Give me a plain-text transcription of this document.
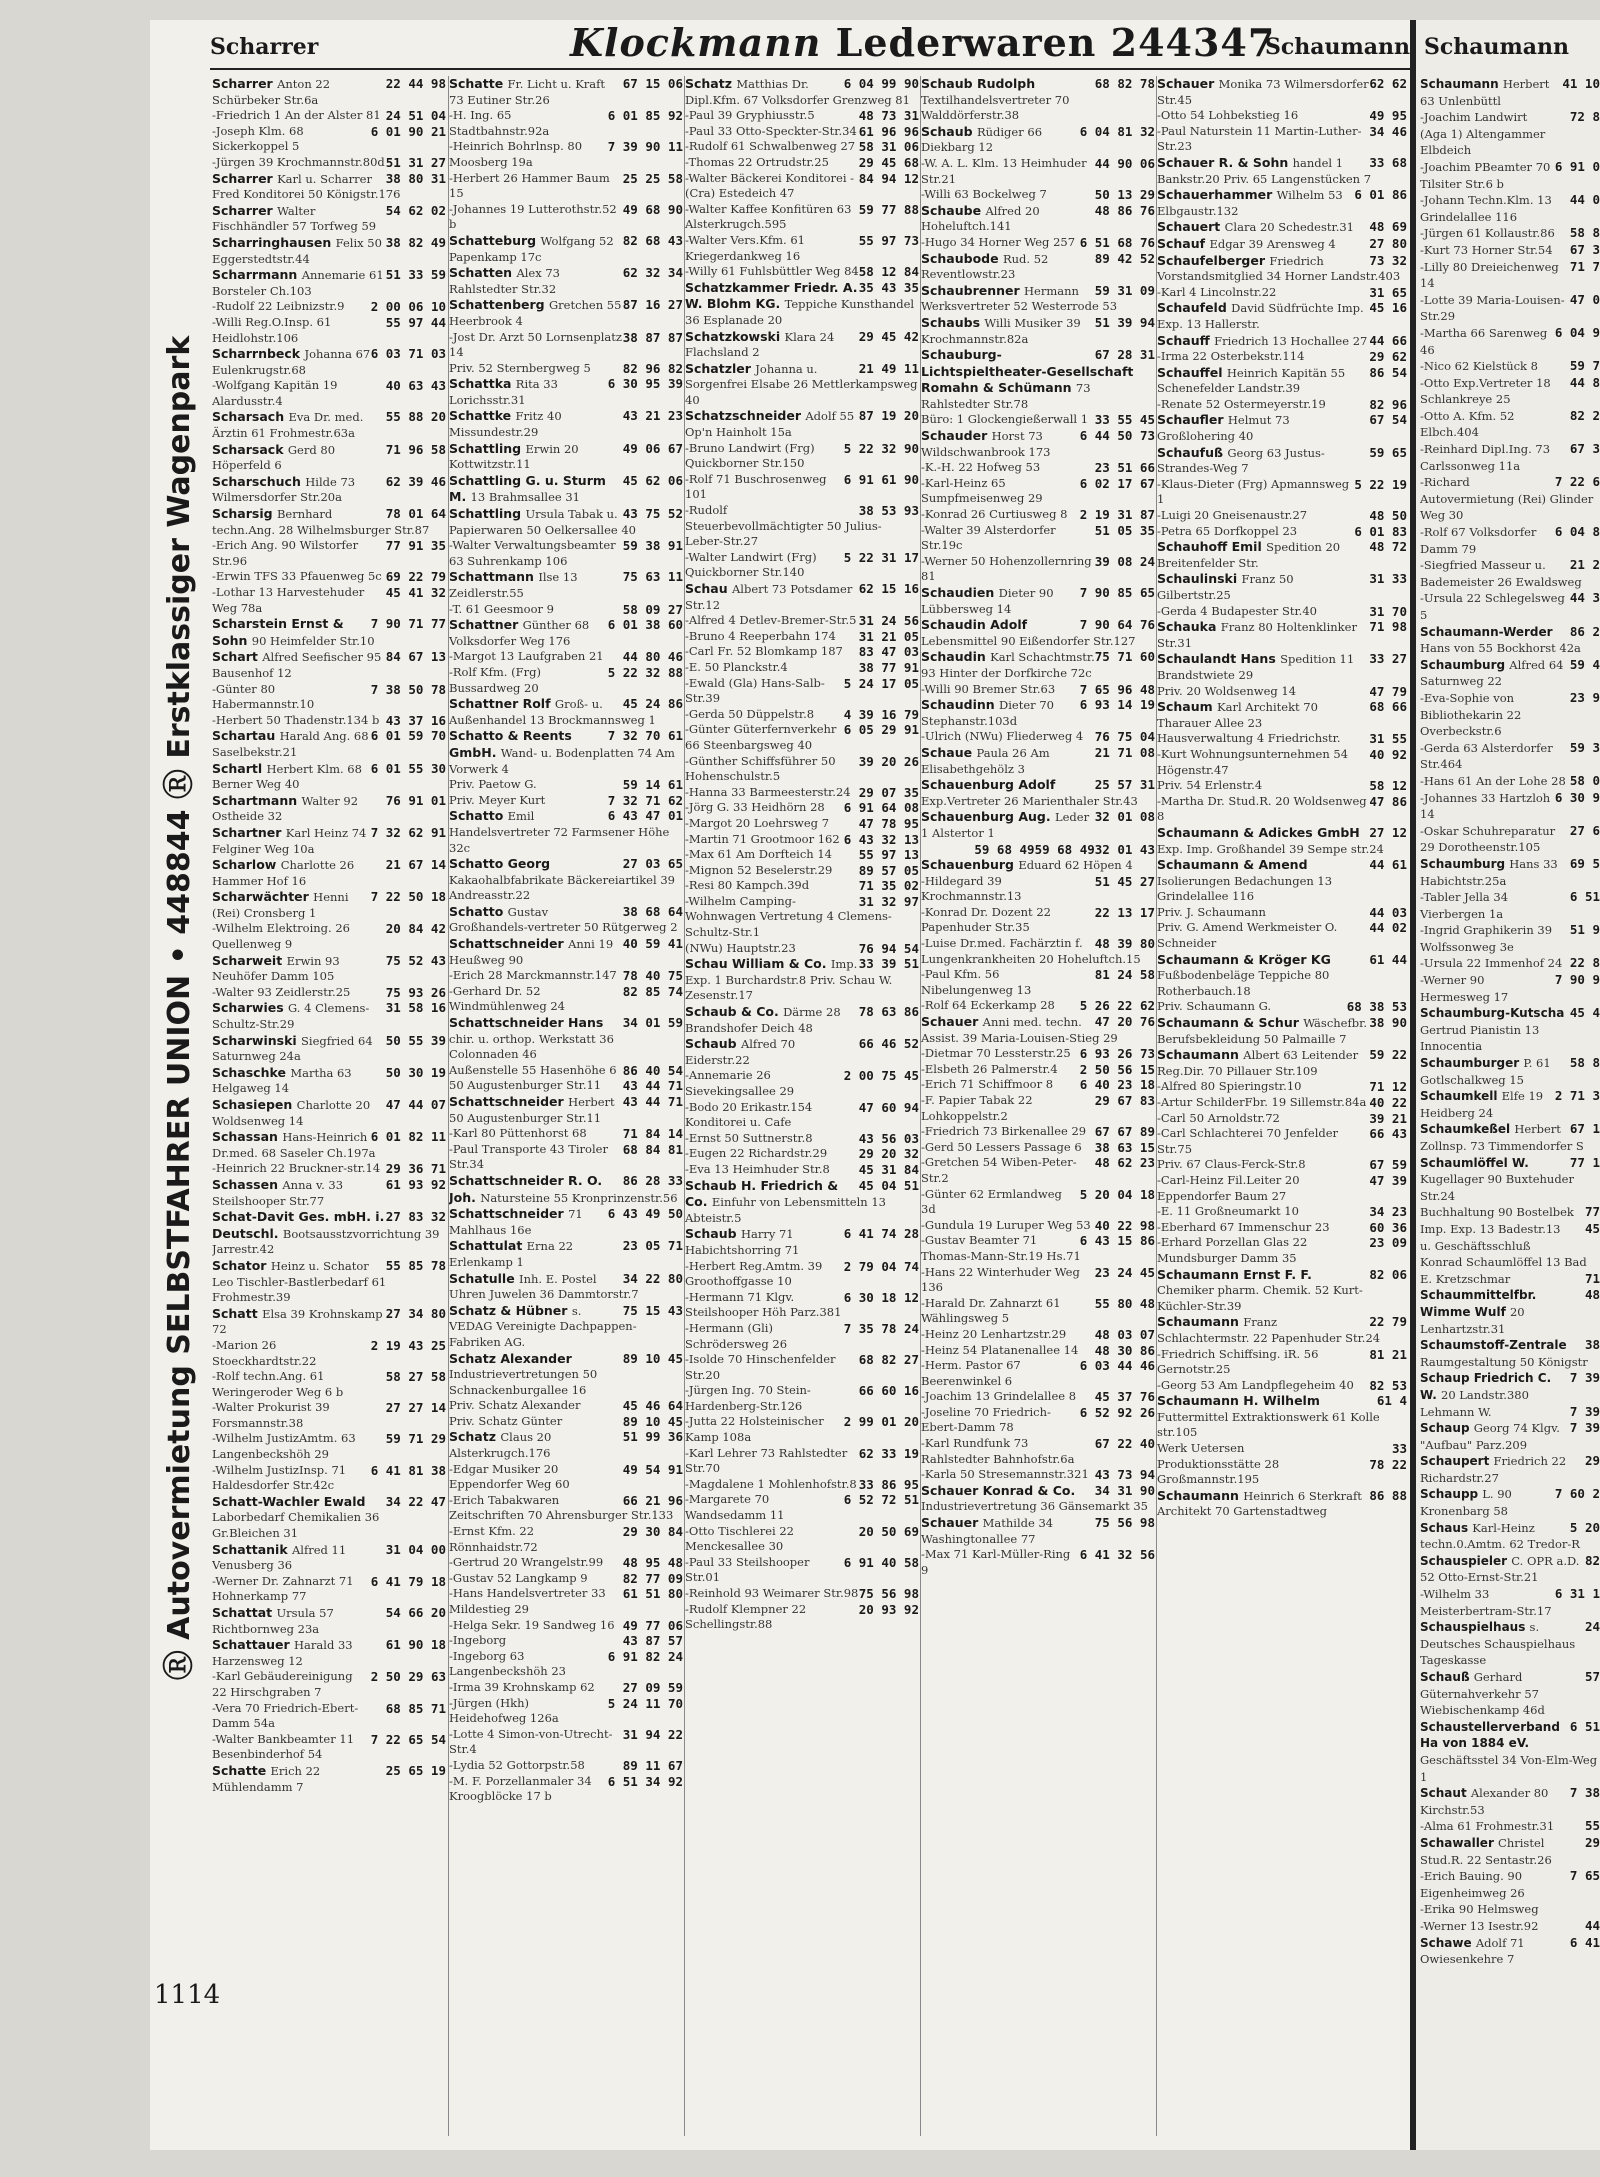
Scharrer	Klockmann Lederwaren 244347
Schaumann
Ⓡ Autovermietung SELBSTFAHRER UNION • 448844 Ⓡ Erstklassiger Wagenpark
1114
22 44 98
Scharrer Anton 22 Schürbeker Str.6a
24 51 04
-Friedrich 1 An der Alster 81
6 01 90 21
-Joseph Klm. 68 Sickerkoppel 5
51 31 27
-Jürgen 39 Krochmannstr.80d
38 80 31
Scharrer Karl u. Scharrer Fred Konditorei 50 Königstr.176
54 62 02
Scharrer Walter Fischhändler 57 Torfweg 59
38 82 49
Scharringhausen Felix 50 Eggerstedtstr.44
51 33 59
Scharrmann Annemarie 61 Borsteler Ch.103
2 00 06 10
-Rudolf 22 Leibnizstr.9
55 97 44
-Willi Reg.O.Insp. 61 Heidlohstr.106
6 03 71 03
Scharrnbeck Johanna 67 Eulenkrugstr.68
40 63 43
-Wolfgang Kapitän 19 Alardusstr.4
55 88 20
Scharsach Eva Dr. med. Ärztin 61 Frohmestr.63a
71 96 58
Scharsack Gerd 80 Höperfeld 6
62 39 46
Scharschuch Hilde 73 Wilmersdorfer Str.20a
78 01 64
Scharsig Bernhard techn.Ang. 28 Wilhelmsburger Str.87
77 91 35
-Erich Ang. 90 Wilstorfer Str.96
69 22 79
-Erwin TFS 33 Pfauenweg 5c
45 41 32
-Lothar 13 Harvestehuder Weg 78a
7 90 71 77
Scharstein Ernst & Sohn 90 Heimfelder Str.10
84 67 13
Schart Alfred Seefischer 95 Bausenhof 12
7 38 50 78
-Günter 80 Habermannstr.10
43 37 16
-Herbert 50 Thadenstr.134 b
6 01 59 70
Schartau Harald Ang. 68 Saselbekstr.21
6 01 55 30
Schartl Herbert Klm. 68 Berner Weg 40
76 91 01
Schartmann Walter 92 Ostheide 32
7 32 62 91
Schartner Karl Heinz 74 Felginer Weg 10a
21 67 14
Scharlow Charlotte 26 Hammer Hof 16
7 22 50 18
Scharwächter Henni (Rei) Cronsberg 1
20 84 42
-Wilhelm Elektroing. 26 Quellenweg 9
75 52 43
Scharweit Erwin 93 Neuhöfer Damm 105
75 93 26
-Walter 93 Zeidlerstr.25
31 58 16
Scharwies G. 4 Clemens-Schultz-Str.29
50 55 39
Scharwinski Siegfried 64 Saturnweg 24a
50 30 19
Schaschke Martha 63 Helgaweg 14
47 44 07
Schasiepen Charlotte 20 Woldsenweg 14
6 01 82 11
Schassan Hans-Heinrich Dr.med. 68 Saseler Ch.197a
29 36 71
-Heinrich 22 Bruckner-str.14
61 93 92
Schassen Anna v. 33 Steilshooper Str.77
27 83 32
Schat-Davit Ges. mbH. i. Deutschl. Bootsausstzvorrichtung 39 Jarrestr.42
55 85 78
Schator Heinz u. Schator Leo Tischler-Bastlerbedarf 61 Frohmestr.39
27 34 80
Schatt Elsa 39 Krohnskamp 72
2 19 43 25
-Marion 26 Stoeckhardtstr.22
58 27 58
-Rolf techn.Ang. 61 Weringeroder Weg 6 b
27 27 14
-Walter Prokurist 39 Forsmannstr.38
59 71 29
-Wilhelm JustizAmtm. 63 Langenbeckshöh 29
6 41 81 38
-Wilhelm JustizInsp. 71 Haldesdorfer Str.42c
34 22 47
Schatt-Wachler Ewald Laborbedarf Chemikalien 36 Gr.Bleichen 31
31 04 00
Schattanik Alfred 11 Venusberg 36
6 41 79 18
-Werner Dr. Zahnarzt 71 Hohnerkamp 77
54 66 20
Schattat Ursula 57 Richtbornweg 23a
61 90 18
Schattauer Harald 33 Harzensweg 12
2 50 29 63
-Karl Gebäudereinigung 22 Hirschgraben 7
68 85 71
-Vera 70 Friedrich-Ebert-Damm 54a
7 22 65 54
-Walter Bankbeamter 11 Besenbinderhof 54
25 65 19
Schatte Erich 22 Mühlendamm 7
67 15 06
Schatte Fr. Licht u. Kraft 73 Eutiner Str.26
6 01 85 92
-H. Ing. 65 Stadtbahnstr.92a
7 39 90 11
-Heinrich Bohrlnsp. 80 Moosberg 19a
25 25 58
-Herbert 26 Hammer Baum 15
49 68 90
-Johannes 19 Lutterothstr.52 b
82 68 43
Schatteburg Wolfgang 52 Papenkamp 17c
62 32 34
Schatten Alex 73 Rahlstedter Str.32
87 16 27
Schattenberg Gretchen 55 Heerbrook 4
38 87 87
-Jost Dr. Arzt 50 Lornsenplatz 14
82 96 82
Priv. 52 Sternbergweg 5
6 30 95 39
Schattka Rita 33 Lorichsstr.31
43 21 23
Schattke Fritz 40 Missundestr.29
49 06 67
Schattling Erwin 20 Kottwitzstr.11
45 62 06
Schattling G. u. Sturm M. 13 Brahmsallee 31
43 75 52
Schattling Ursula Tabak u. Papierwaren 50 Oelkersallee 40
59 38 91
-Walter Verwaltungsbeamter 63 Suhrenkamp 106
75 63 11
Schattmann Ilse 13 Zeidlerstr.55
58 09 27
-T. 61 Geesmoor 9
6 01 38 60
Schattner Günther 68 Volksdorfer Weg 176
44 80 46
-Margot 13 Laufgraben 21
5 22 32 88
-Rolf Kfm. (Frg) Bussardweg 20
45 24 86
Schattner Rolf Groß- u. Außenhandel 13 Brockmannsweg 1
7 32 70 61
Schatto & Reents GmbH. Wand- u. Bodenplatten 74 Am Vorwerk 4
59 14 61
Priv. Paetow G.
7 32 71 62
Priv. Meyer Kurt
6 43 47 01
Schatto Emil Handelsvertreter 72 Farmsener Höhe 32c
27 03 65
Schatto Georg Kakaohalbfabrikate Bäckereiartikel 39 Andreasstr.22
38 68 64
Schatto Gustav Großhandels-vertreter 50 Rütgerweg 2
40 59 41
Schattschneider Anni 19 Heußweg 90
78 40 75
-Erich 28 Marckmannstr.147
82 85 74
-Gerhard Dr. 52 Windmühlenweg 24
34 01 59
Schattschneider Hans chir. u. orthop. Werkstatt 36 Colonnaden 46
86 40 54
Außenstelle 55 Hasenhöhe 6
43 44 71
50 Augustenburger Str.11
43 44 71
Schattschneider Herbert 50 Augustenburger Str.11
71 84 14
-Karl 80 Püttenhorst 68
68 84 81
-Paul Transporte 43 Tiroler Str.34
86 28 33
Schattschneider R. O. Joh. Natursteine 55 Kronprinzenstr.56
6 43 49 50
Schattschneider 71 Mahlhaus 16e
23 05 71
Schattulat Erna 22 Erlenkamp 1
34 22 80
Schatulle Inh. E. Postel Uhren Juwelen 36 Dammtorstr.7
75 15 43
Schatz & Hübner s. VEDAG Vereinigte Dachpappen-Fabriken AG.
89 10 45
Schatz Alexander Industrievertretungen 50 Schnackenburgallee 16
45 46 64
Priv. Schatz Alexander
89 10 45
Priv. Schatz Günter
51 99 36
Schatz Claus 20 Alsterkrugch.176
49 54 91
-Edgar Musiker 20 Eppendorfer Weg 60
66 21 96
-Erich Tabakwaren Zeitschriften 70 Ahrensburger Str.133
29 30 84
-Ernst Kfm. 22 Rönnhaidstr.72
48 95 48
-Gertrud 20 Wrangelstr.99
82 77 09
-Gustav 52 Langkamp 9
61 51 80
-Hans Handelsvertreter 33 Mildestieg 29
49 77 06
-Helga Sekr. 19 Sandweg 16
43 87 57
-Ingeborg
6 91 82 24
-Ingeborg 63 Langenbeckshöh 23
27 09 59
-Irma 39 Krohnskamp 62
5 24 11 70
-Jürgen (Hkh) Heidehofweg 126a
31 94 22
-Lotte 4 Simon-von-Utrecht-Str.4
89 11 67
-Lydia 52 Gottorpstr.58
6 51 34 92
-M. F. Porzellanmaler 34 Kroogblöcke 17 b
6 04 99 90
Schatz Matthias Dr. Dipl.Kfm. 67 Volksdorfer Grenzweg 81
48 73 31
-Paul 39 Gryphiusstr.5
61 96 96
-Paul 33 Otto-Speckter-Str.34
58 31 06
-Rudolf 61 Schwalbenweg 27
29 45 68
-Thomas 22 Ortrudstr.25
84 94 12
-Walter Bäckerei Konditorei -(Cra) Estedeich 47
59 77 88
-Walter Kaffee Konfitüren 63 Alsterkrugch.595
55 97 73
-Walter Vers.Kfm. 61 Kriegerdankweg 16
58 12 84
-Willy 61 Fuhlsbüttler Weg 84
35 43 35
Schatzkammer Friedr. A. W. Blohm KG. Teppiche Kunsthandel 36 Esplanade 20
29 45 42
Schatzkowski Klara 24 Flachsland 2
21 49 11
Schatzler Johanna u. Sorgenfrei Elsabe 26 Mettlerkampsweg 40
87 19 20
Schatzschneider Adolf 55 Op'n Hainholt 15a
5 22 32 90
-Bruno Landwirt (Frg) Quickborner Str.150
6 91 61 90
-Rolf 71 Buschrosenweg 101
38 53 93
-Rudolf Steuerbevollmächtigter 50 Julius-Leber-Str.27
5 22 31 17
-Walter Landwirt (Frg) Quickborner Str.140
62 15 16
Schau Albert 73 Potsdamer Str.12
31 24 56
-Alfred 4 Detlev-Bremer-Str.5
31 21 05
-Bruno 4 Reeperbahn 174
83 47 03
-Carl Fr. 52 Blomkamp 187
38 77 91
-E. 50 Planckstr.4
5 24 17 05
-Ewald (Gla) Hans-Salb-Str.39
4 39 16 79
-Gerda 50 Düppelstr.8
6 05 29 91
-Günter Güterfernverkehr 66 Steenbargsweg 40
39 20 26
-Günther Schiffsführer 50 Hohenschulstr.5
29 07 35
-Hanna 33 Barmeesterstr.24
6 91 64 08
-Jörg G. 33 Heidhörn 28
47 78 95
-Margot 20 Loehrsweg 7
6 43 32 13
-Martin 71 Grootmoor 162
55 97 13
-Max 61 Am Dorfteich 14
89 57 05
-Mignon 52 Beselerstr.29
71 35 02
-Resi 80 Kampch.39d
31 32 97
-Wilhelm Camping-Wohnwagen Vertretung 4 Clemens-Schultz-Str.1
76 94 54
(NWu) Hauptstr.23
33 39 51
Schau William & Co. Imp. Exp. 1 Burchardstr.8 Priv. Schau W. Zesenstr.17
78 63 86
Schaub & Co. Därme 28 Brandshofer Deich 48
66 46 52
Schaub Alfred 70 Eiderstr.22
2 00 75 45
-Annemarie 26 Sievekingsallee 29
47 60 94
-Bodo 20 Erikastr.154 Konditorei u. Cafe
43 56 03
-Ernst 50 Suttnerstr.8
29 20 32
-Eugen 22 Richardstr.29
45 31 84
-Eva 13 Heimhuder Str.8
45 04 51
Schaub H. Friedrich & Co. Einfuhr von Lebensmitteln 13 Abteistr.5
6 41 74 28
Schaub Harry 71 Habichtshorring 71
2 79 04 74
-Herbert Reg.Amtm. 39 Groothoffgasse 10
6 30 18 12
-Hermann 71 Klgv. Steilshooper Höh Parz.381
7 35 78 24
-Hermann (Gli) Schrödersweg 26
68 82 27
-Isolde 70 Hinschenfelder Str.20
66 60 16
-Jürgen Ing. 70 Stein-Hardenberg-Str.126
2 99 01 20
-Jutta 22 Holsteinischer Kamp 108a
62 33 19
-Karl Lehrer 73 Rahlstedter Str.70
33 86 95
-Magdalene 1 Mohlenhofstr.8
6 52 72 51
-Margarete 70 Wandsedamm 11
20 50 69
-Otto Tischlerei 22 Menckesallee 30
6 91 40 58
-Paul 33 Steilshooper Str.01
75 56 98
-Reinhold 93 Weimarer Str.98
20 93 92
-Rudolf Klempner 22 Schellingstr.88
68 82 78
Schaub Rudolph Textilhandelsvertreter 70 Walddörferstr.38
6 04 81 32
Schaub Rüdiger 66 Diekbarg 12
44 90 06
-W. A. L. Klm. 13 Heimhuder Str.21
50 13 29
-Willi 63 Bockelweg 7
48 86 76
Schaube Alfred 20 Hoheluftch.141
6 51 68 76
-Hugo 34 Horner Weg 257
89 42 52
Schaubode Rud. 52 Reventlowstr.23
59 31 09
Schaubrenner Hermann Werksvertreter 52 Westerrode 53
51 39 94
Schaubs Willi Musiker 39 Krochmannstr.82a
67 28 31
Schauburg-Lichtspieltheater-Gesellschaft Romahn & Schümann 73 Rahlstedter Str.78
33 55 45
Büro: 1 Glockengießerwall 1
6 44 50 73
Schauder Horst 73 Wildschwanbrook 173
23 51 66
-K.-H. 22 Hofweg 53
6 02 17 67
-Karl-Heinz 65 Sumpfmeisenweg 29
2 19 31 87
-Konrad 26 Curtiusweg 8
51 05 35
-Walter 39 Alsterdorfer Str.19c
39 08 24
-Werner 50 Hohenzollernring 81
7 90 85 65
Schaudien Dieter 90 Lübbersweg 14
7 90 64 76
Schaudin Adolf Lebensmittel 90 Eißendorfer Str.127
75 71 60
Schaudin Karl Schachtmstr. 93 Hinter der Dorfkirche 72c
7 65 96 48
-Willi 90 Bremer Str.63
6 93 14 19
Schaudinn Dieter 70 Stephanstr.103d
76 75 04
-Ulrich (NWu) Fliederweg 4
21 71 08
Schaue Paula 26 Am Elisabethgehölz 3
25 57 31
Schauenburg Adolf Exp.Vertreter 26 Marienthaler Str.43
32 01 08
Schauenburg Aug. Leder 1 Alstertor 1
32 01 43
59 68 49
59 68 49
Schauenburg Eduard 62 Höpen 4
51 45 27
-Hildegard 39 Krochmannstr.13
22 13 17
-Konrad Dr. Dozent 22 Papenhuder Str.35
48 39 80
-Luise Dr.med. Fachärztin f. Lungenkrankheiten 20 Hoheluftch.15
81 24 58
-Paul Kfm. 56 Nibelungenweg 13
5 26 22 62
-Rolf 64 Eckerkamp 28
47 20 76
Schauer Anni med. techn. Assist. 39 Maria-Louisen-Stieg 29
6 93 26 73
-Dietmar 70 Lessterstr.25
2 50 56 15
-Elsbeth 26 Palmerstr.4
6 40 23 18
-Erich 71 Schiffmoor 8
29 67 83
-F. Papier Tabak 22 Lohkoppelstr.2
67 67 89
-Friedrich 73 Birkenallee 29
38 63 15
-Gerd 50 Lessers Passage 6
48 62 23
-Gretchen 54 Wiben-Peter-Str.2
5 20 04 18
-Günter 62 Ermlandweg 3d
40 22 98
-Gundula 19 Luruper Weg 53
6 43 15 86
-Gustav Beamter 71 Thomas-Mann-Str.19 Hs.71
23 24 45
-Hans 22 Winterhuder Weg 136
55 80 48
-Harald Dr. Zahnarzt 61 Wählingsweg 5
48 03 07
-Heinz 20 Lenhartzstr.29
48 30 86
-Heinz 54 Platanenallee 14
6 03 44 46
-Herm. Pastor 67 Beerenwinkel 6
45 37 76
-Joachim 13 Grindelallee 8
6 52 92 26
-Joseline 70 Friedrich-Ebert-Damm 78
67 22 40
-Karl Rundfunk 73 Rahlstedter Bahnhofstr.6a
43 73 94
-Karla 50 Stresemannstr.321
34 31 90
Schauer Konrad & Co. Industrievertretung 36 Gänsemarkt 35
75 56 98
Schauer Mathilde 34 Washingtonallee 77
6 41 32 56
-Max 71 Karl-Müller-Ring 9
62 62
Schauer Monika 73 Wilmersdorfer Str.45
49 95
-Otto 54 Lohbekstieg 16
34 46
-Paul Naturstein 11 Martin-Luther-Str.23
33 68
Schauer R. & Sohn handel 1 Bankstr.20 Priv. 65 Langenstücken 7
6 01 86
Schauerhammer Wilhelm 53 Elbgaustr.132
48 69
Schauert Clara 20 Schedestr.31
27 80
Schauf Edgar 39 Arensweg 4
73 32
Schaufelberger Friedrich Vorstandsmitglied 34 Horner Landstr.403
31 65
-Karl 4 Lincolnstr.22
45 16
Schaufeld David Südfrüchte Imp. Exp. 13 Hallerstr.
44 66
Schauff Friedrich 13 Hochallee 27
29 62
-Irma 22 Osterbekstr.114
86 54
Schauffel Heinrich Kapitän 55 Schenefelder Landstr.39
82 96
-Renate 52 Ostermeyerstr.19
67 54
Schaufler Helmut 73 Großlohering 40
59 65
Schaufuß Georg 63 Justus-Strandes-Weg 7
5 22 19
-Klaus-Dieter (Frg) Apmannsweg 1
48 50
-Luigi 20 Gneisenaustr.27
6 01 83
-Petra 65 Dorfkoppel 23
48 72
Schauhoff Emil Spedition 20 Breitenfelder Str.
31 33
Schaulinski Franz 50 Gilbertstr.25
31 70
-Gerda 4 Budapester Str.40
71 98
Schauka Franz 80 Holtenklinker Str.31
33 27
Schaulandt Hans Spedition 11 Brandstwiete 29
47 79
Priv. 20 Woldsenweg 14
68 66
Schaum Karl Architekt 70 Tharauer Allee 23
31 55
Hausverwaltung 4 Friedrichstr.
40 92
-Kurt Wohnungsunternehmen 54 Högenstr.47
58 12
Priv. 54 Erlenstr.4
47 86
-Martha Dr. Stud.R. 20 Woldsenweg 8
27 12
Schaumann & Adickes GmbH Exp. Imp. Großhandel 39 Sempe str.24
44 61
Schaumann & Amend Isolierungen Bedachungen 13 Grindelallee 116
44 03
Priv. J. Schaumann
44 02
Priv. G. Amend Werkmeister O. Schneider
61 44
Schaumann & Kröger KG Fußbodenbeläge Teppiche 80 Rotherbauch.18
68 38 53
Priv. Schaumann G.
38 90
Schaumann & Schur Wäschefbr. Berufsbekleidung 50 Palmaille 7
59 22
Schaumann Albert 63 Leitender Reg.Dir. 70 Pillauer Str.109
71 12
-Alfred 80 Spieringstr.10
40 22
-Artur SchilderFbr. 19 Sillemstr.84a
39 21
-Carl 50 Arnoldstr.72
66 43
-Carl Schlachterei 70 Jenfelder Str.75
67 59
Priv. 67 Claus-Ferck-Str.8
47 39
-Carl-Heinz Fil.Leiter 20 Eppendorfer Baum 27
34 23
-E. 11 Großneumarkt 10
60 36
-Eberhard 67 Immenschur 23
23 09
-Erhard Porzellan Glas 22 Mundsburger Damm 35
82 06
Schaumann Ernst F. F. Chemiker pharm. Chemik. 52 Kurt-Küchler-Str.39
22 79
Schaumann Franz Schlachtermstr. 22 Papenhuder Str.24
81 21
-Friedrich Schiffsing. iR. 56 Gernotstr.25
82 53
-Georg 53 Am Landpflegeheim 40
61 4
Schaumann H. Wilhelm Futtermittel Extraktionswerk 61 Kolle str.105
33
Werk Uetersen
78 22
Produktionsstätte 28 Großmannstr.195
86 88
Schaumann Heinrich 6 Sterkraft Architekt 70 Gartenstadtweg
Schaumann
41 10
Schaumann Herbert 63 Unlenbüttl
72 8
-Joachim Landwirt
(Aga 1) Altengammer Elbdeich
6 91 0
-Joachim PBeamter 70 Tilsiter Str.6 b
44 0
-Johann Techn.Klm. 13 Grindelallee 116
58 8
-Jürgen 61 Kollaustr.86
67 3
-Kurt 73 Horner Str.54
71 7
-Lilly 80 Dreieichenweg 14
47 0
-Lotte 39 Maria-Louisen-Str.29
6 04 9
-Martha 66 Sarenweg 46
59 7
-Nico 62 Kielstück 8
44 8
-Otto Exp.Vertreter 18 Schlankreye 25
82 2
-Otto A. Kfm. 52 Elbch.404
67 3
-Reinhard Dipl.Ing. 73 Carlssonweg 11a
7 22 6
-Richard Autovermietung (Rei) Glinder Weg 30
6 04 8
-Rolf 67 Volksdorfer Damm 79
21 2
-Siegfried Masseur u. Bademeister 26 Ewaldsweg
44 3
-Ursula 22 Schlegelsweg 5
86 2
Schaumann-Werder Hans von 55 Bockhorst 42a
59 4
Schaumburg Alfred 64 Saturnweg 22
23 9
-Eva-Sophie von Bibliothekarin 22 Overbeckstr.6
59 3
-Gerda 63 Alsterdorfer Str.464
58 0
-Hans 61 An der Lohe 28
6 30 9
-Johannes 33 Hartzloh 14
27 6
-Oskar Schuhreparatur 29 Dorotheenstr.105
69 5
Schaumburg Hans 33 Habichtstr.25a
6 51
-Tabler Jella 34 Vierbergen 1a
51 9
-Ingrid Graphikerin 39 Wolfssonweg 3e
22 8
-Ursula 22 Immenhof 24
7 90 9
-Werner 90 Hermesweg 17
45 4
Schaumburg-Kutscha Gertrud Pianistin 13 Innocentia
58 8
Schaumburger P. 61 Gotlschalkweg 15
2 71 3
Schaumkell Elfe 19 Heidberg 24
67 1
Schaumkeßel Herbert Zollnsp. 73 Timmendorfer S
77 1
Schaumlöffel W. Kugellager 90 Buxtehuder Str.24
77
Buchhaltung 90 Bostelbek
45
Imp. Exp. 13 Badestr.13
u. Geschäftsschluß
Konrad Schaumlöffel 13 Bad
71
E. Kretzschmar
48
Schaummittelfbr. Wimme Wulf 20 Lenhartzstr.31
38
Schaumstoff-Zentrale Raumgestaltung 50 Königstr
7 39
Schaup Friedrich C. W. 20 Landstr.380
7 39
Lehmann W.
7 39
Schaup Georg 74 Klgv. "Aufbau" Parz.209
29
Schaupert Friedrich 22 Richardstr.27
7 60 2
Schaupp L. 90 Kronenbarg 58
5 20
Schaus Karl-Heinz techn.0.Amtm. 62 Tredor-R
82
Schauspieler C. OPR a.D. 52 Otto-Ernst-Str.21
6 31 1
-Wilhelm 33 Meisterbertram-Str.17
24
Schauspielhaus s. Deutsches Schauspielhaus Tageskasse
57
Schauß Gerhard Güternahverkehr 57 Wiebischenkamp 46d
6 51
Schaustellerverband Ha von 1884 eV. Geschäftsstel 34 Von-Elm-Weg 1
7 38
Schaut Alexander 80 Kirchstr.53
55
-Alma 61 Frohmestr.31
29
Schawaller Christel Stud.R. 22 Sentastr.26
7 65
-Erich Bauing. 90 Eigenheimweg 26
-Erika 90 Helmsweg
44
-Werner 13 Isestr.92
6 41
Schawe Adolf 71 Owiesenkehre 7
